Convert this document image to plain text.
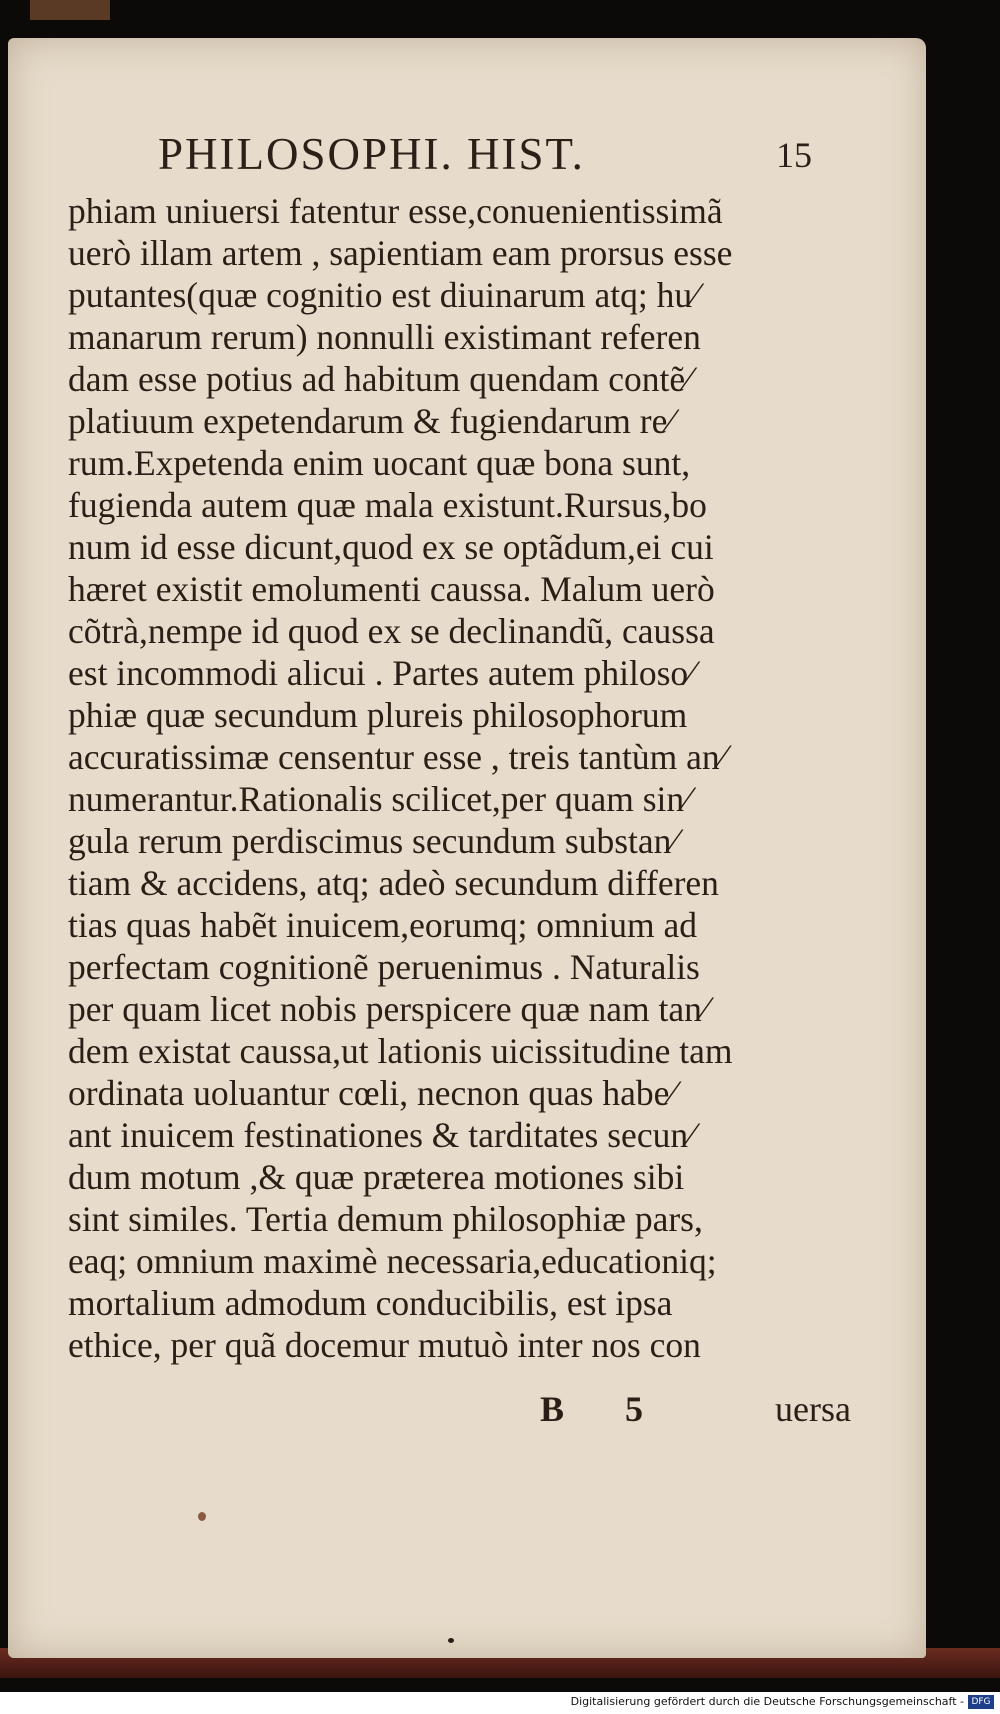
PHILOSOPHI. HIST.	15
phiam uniuersi fatentur esse,conuenientissimã
uerò illam artem , sapientiam eam prorsus esse
putantes(quæ cognitio est diuinarum atq; hu⁄
manarum rerum) nonnulli existimant referen
dam esse potius ad habitum quendam contẽ⁄
platiuum expetendarum & fugiendarum re⁄
rum.Expetenda enim uocant quæ bona sunt,
fugienda autem quæ mala existunt.Rursus,bo
num id esse dicunt,quod ex se optãdum,ei cui
hæret existit emolumenti caussa. Malum uerò
cõtrà,nempe id quod ex se declinandũ, caussa
est incommodi alicui . Partes autem philoso⁄
phiæ quæ secundum plureis philosophorum
accuratissimæ censentur esse , treis tantùm an⁄
numerantur.Rationalis scilicet,per quam sin⁄
gula rerum perdiscimus secundum substan⁄
tiam & accidens, atq; adeò secundum differen
tias quas habẽt inuicem,eorumq; omnium ad
perfectam cognitionẽ peruenimus . Naturalis
per quam licet nobis perspicere quæ nam tan⁄
dem existat caussa,ut lationis uicissitudine tam
ordinata uoluantur cœli, necnon quas habe⁄
ant inuicem festinationes & tarditates secun⁄
dum motum ,& quæ præterea motiones sibi
sint similes. Tertia demum philosophiæ pars,
eaq; omnium maximè necessaria,educationiq;
mortalium admodum conducibilis, est ipsa
ethice, per quã docemur mutuò inter nos con
B 5	uersa
Digitalisierung gefördert durch die Deutsche Forschungsgemeinschaft - DFG
